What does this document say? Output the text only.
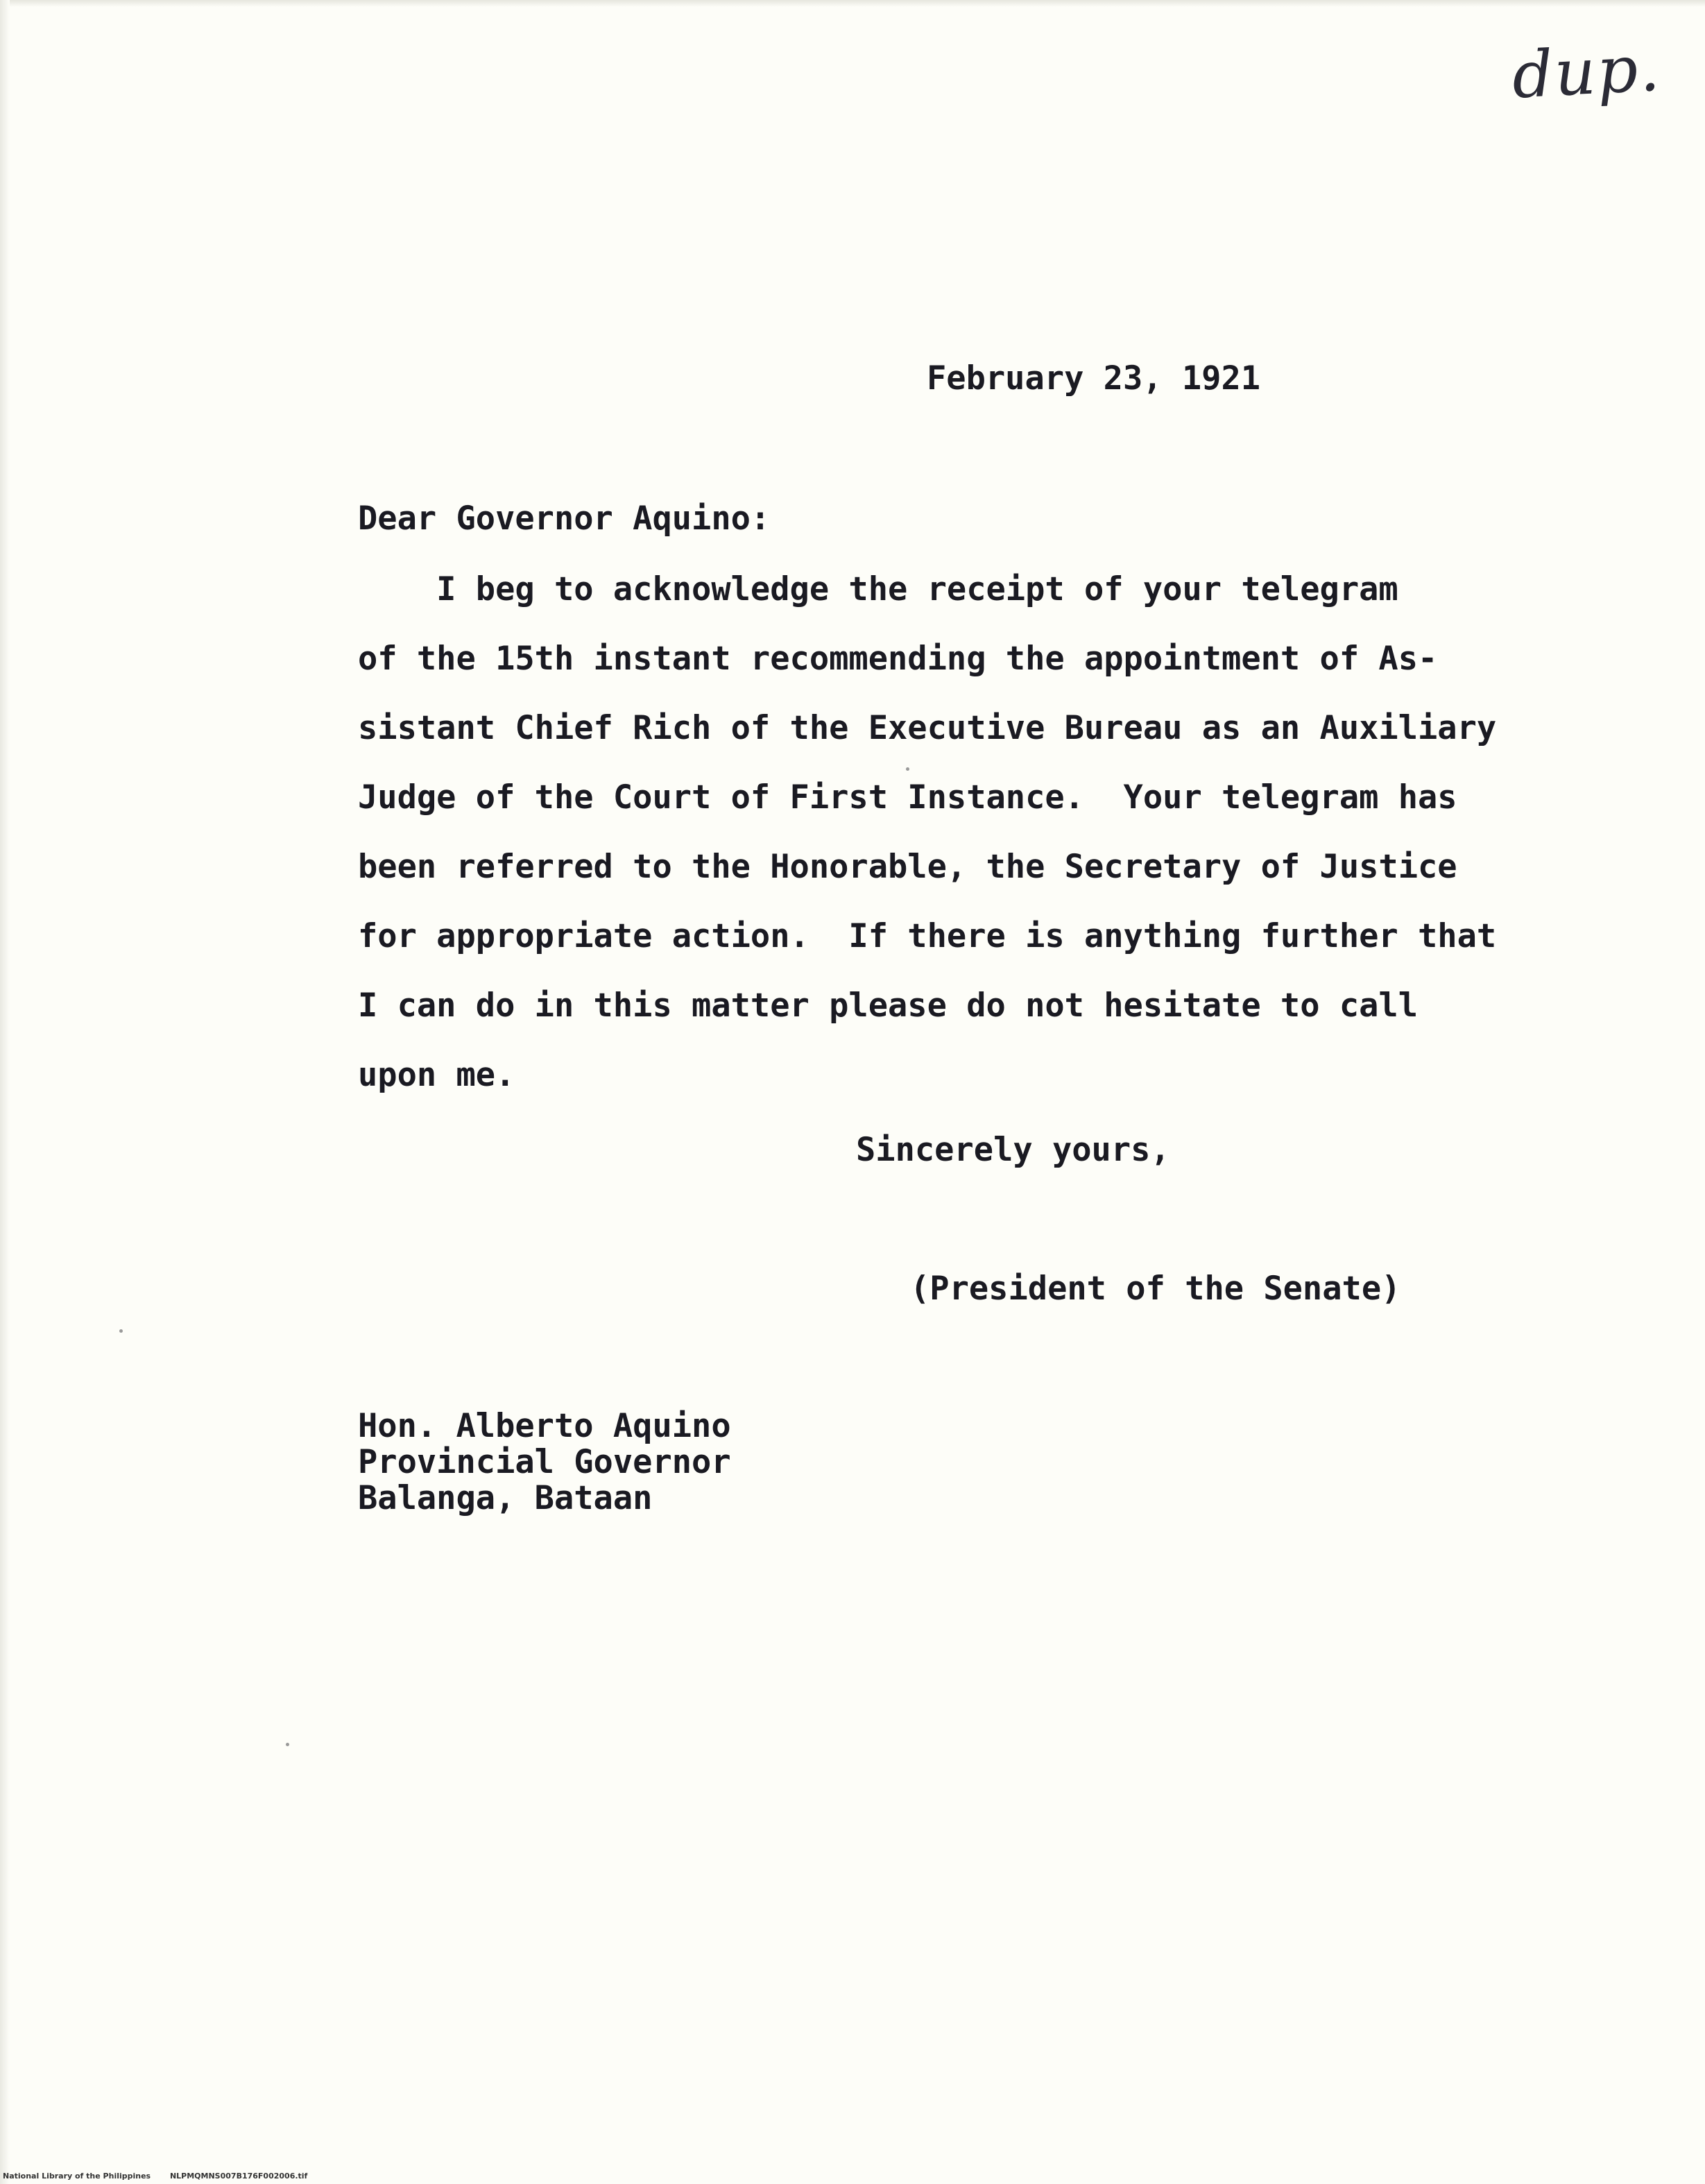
dup.
February 23, 1921
Dear Governor Aquino:
I beg to acknowledge the receipt of your telegram
of the 15th instant recommending the appointment of As-
sistant Chief Rich of the Executive Bureau as an Auxiliary
Judge of the Court of First Instance.  Your telegram has
been referred to the Honorable, the Secretary of Justice
for appropriate action.  If there is anything further that
I can do in this matter please do not hesitate to call
upon me.
Sincerely yours,
(President of the Senate)
Hon. Alberto Aquino
Provincial Governor
Balanga, Bataan
National Library of the Philippines	NLPMQMNS007B176F002006.tif
